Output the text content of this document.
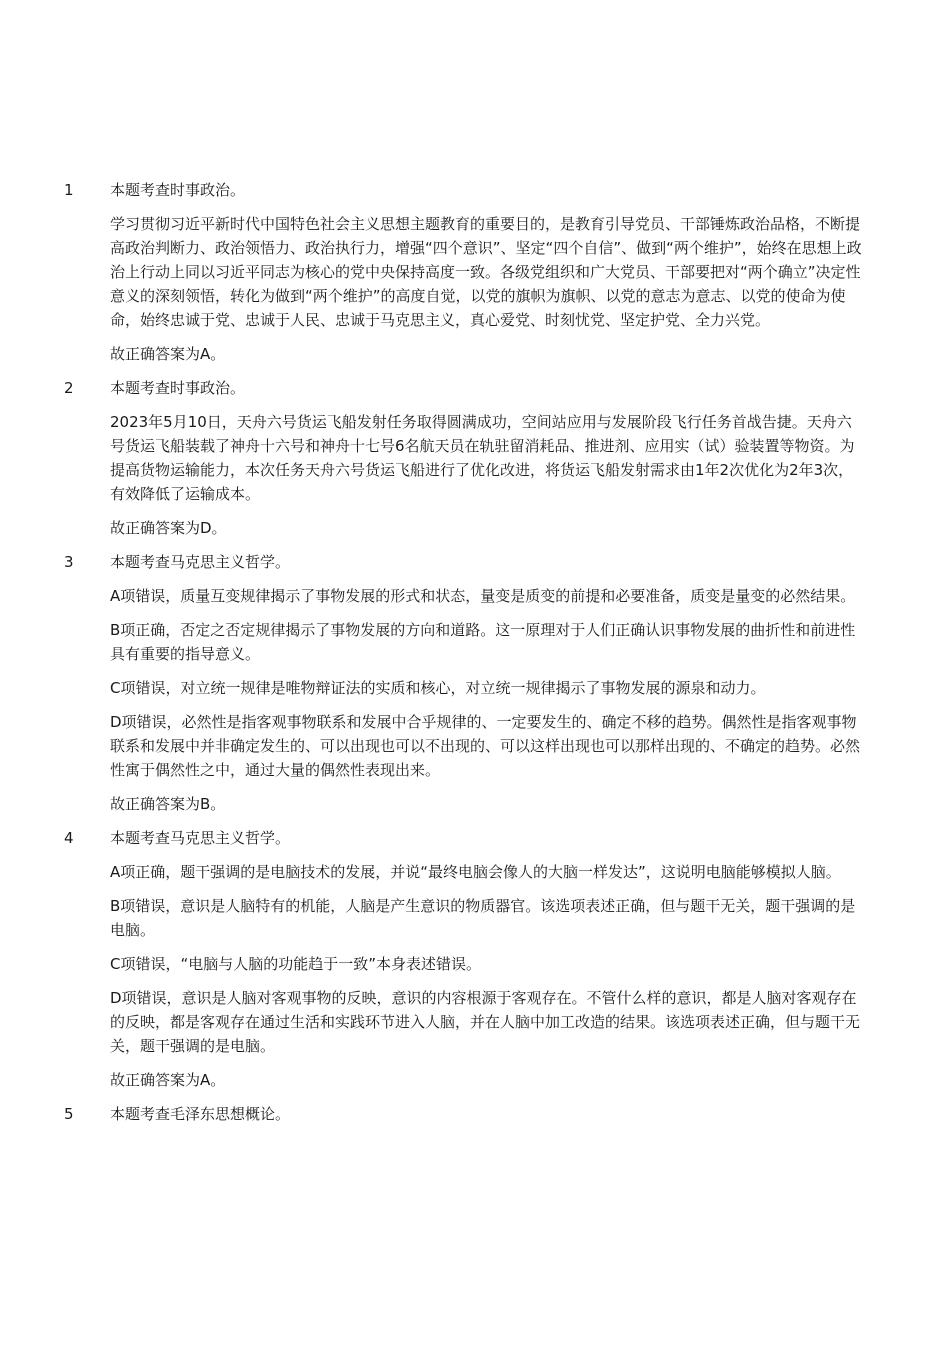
1	本题考查时事政治。
学习贯彻习近平新时代中国特色社会主义思想主题教育的重要目的，是教育引导党员、干部锤炼政治品格，不断提高政治判断力、政治领悟力、政治执行力，增强“四个意识”、坚定“四个自信”、做到“两个维护”，始终在思想上政治上行动上同以习近平同志为核心的党中央保持高度一致。各级党组织和广大党员、干部要把对“两个确立”决定性意义的深刻领悟，转化为做到“两个维护”的高度自觉，以党的旗帜为旗帜、以党的意志为意志、以党的使命为使命，始终忠诚于党、忠诚于人民、忠诚于马克思主义，真心爱党、时刻忧党、坚定护党、全力兴党。
故正确答案为A。
2	本题考查时事政治。
2023年5月10日，天舟六号货运飞船发射任务取得圆满成功，空间站应用与发展阶段飞行任务首战告捷。天舟六号货运飞船装载了神舟十六号和神舟十七号6名航天员在轨驻留消耗品、推进剂、应用实（试）验装置等物资。为提高货物运输能力，本次任务天舟六号货运飞船进行了优化改进，将货运飞船发射需求由1年2次优化为2年3次，有效降低了运输成本。
故正确答案为D。
3	本题考查马克思主义哲学。
A项错误，质量互变规律揭示了事物发展的形式和状态，量变是质变的前提和必要准备，质变是量变的必然结果。
B项正确，否定之否定规律揭示了事物发展的方向和道路。这一原理对于人们正确认识事物发展的曲折性和前进性具有重要的指导意义。
C项错误，对立统一规律是唯物辩证法的实质和核心，对立统一规律揭示了事物发展的源泉和动力。
D项错误，必然性是指客观事物联系和发展中合乎规律的、一定要发生的、确定不移的趋势。偶然性是指客观事物联系和发展中并非确定发生的、可以出现也可以不出现的、可以这样出现也可以那样出现的、不确定的趋势。必然性寓于偶然性之中，通过大量的偶然性表现出来。
故正确答案为B。
4	本题考查马克思主义哲学。
A项正确，题干强调的是电脑技术的发展，并说“最终电脑会像人的大脑一样发达”，这说明电脑能够模拟人脑。
B项错误，意识是人脑特有的机能，人脑是产生意识的物质器官。该选项表述正确，但与题干无关，题干强调的是电脑。
C项错误，“电脑与人脑的功能趋于一致”本身表述错误。
D项错误，意识是人脑对客观事物的反映，意识的内容根源于客观存在。不管什么样的意识，都是人脑对客观存在的反映，都是客观存在通过生活和实践环节进入人脑，并在人脑中加工改造的结果。该选项表述正确，但与题干无关，题干强调的是电脑。
故正确答案为A。
5	本题考查毛泽东思想概论。
